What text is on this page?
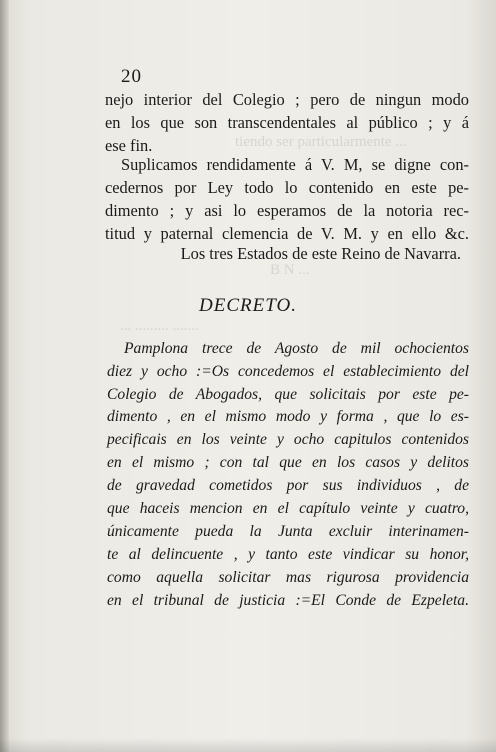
tiendo ser particularmente ...
B N ...
... ......... .......
20
nejo interior del Colegio ; pero de ningun modo
en los que son transcendentales al público ; y á
ese fin.
Suplicamos rendidamente á V. M, se digne con-
cedernos por Ley todo lo contenido en este pe-
dimento ; y asi lo esperamos de la notoria rec-
titud y paternal clemencia de V. M. y en ello &c.
Los tres Estados de este Reino de Navarra.
DECRETO.
Pamplona trece de Agosto de mil ochocientos
diez y ocho :=Os concedemos el establecimiento del
Colegio de Abogados, que solicitais por este pe-
dimento , en el mismo modo y forma , que lo es-
pecificais en los veinte y ocho capitulos contenidos
en el mismo ; con tal que en los casos y delitos
de gravedad cometidos por sus individuos , de
que haceis mencion en el capítulo veinte y cuatro,
únicamente pueda la Junta excluir interinamen-
te al delincuente , y tanto este vindicar su honor,
como aquella solicitar mas rigurosa providencia
en el tribunal de justicia :=El Conde de Ezpeleta.
